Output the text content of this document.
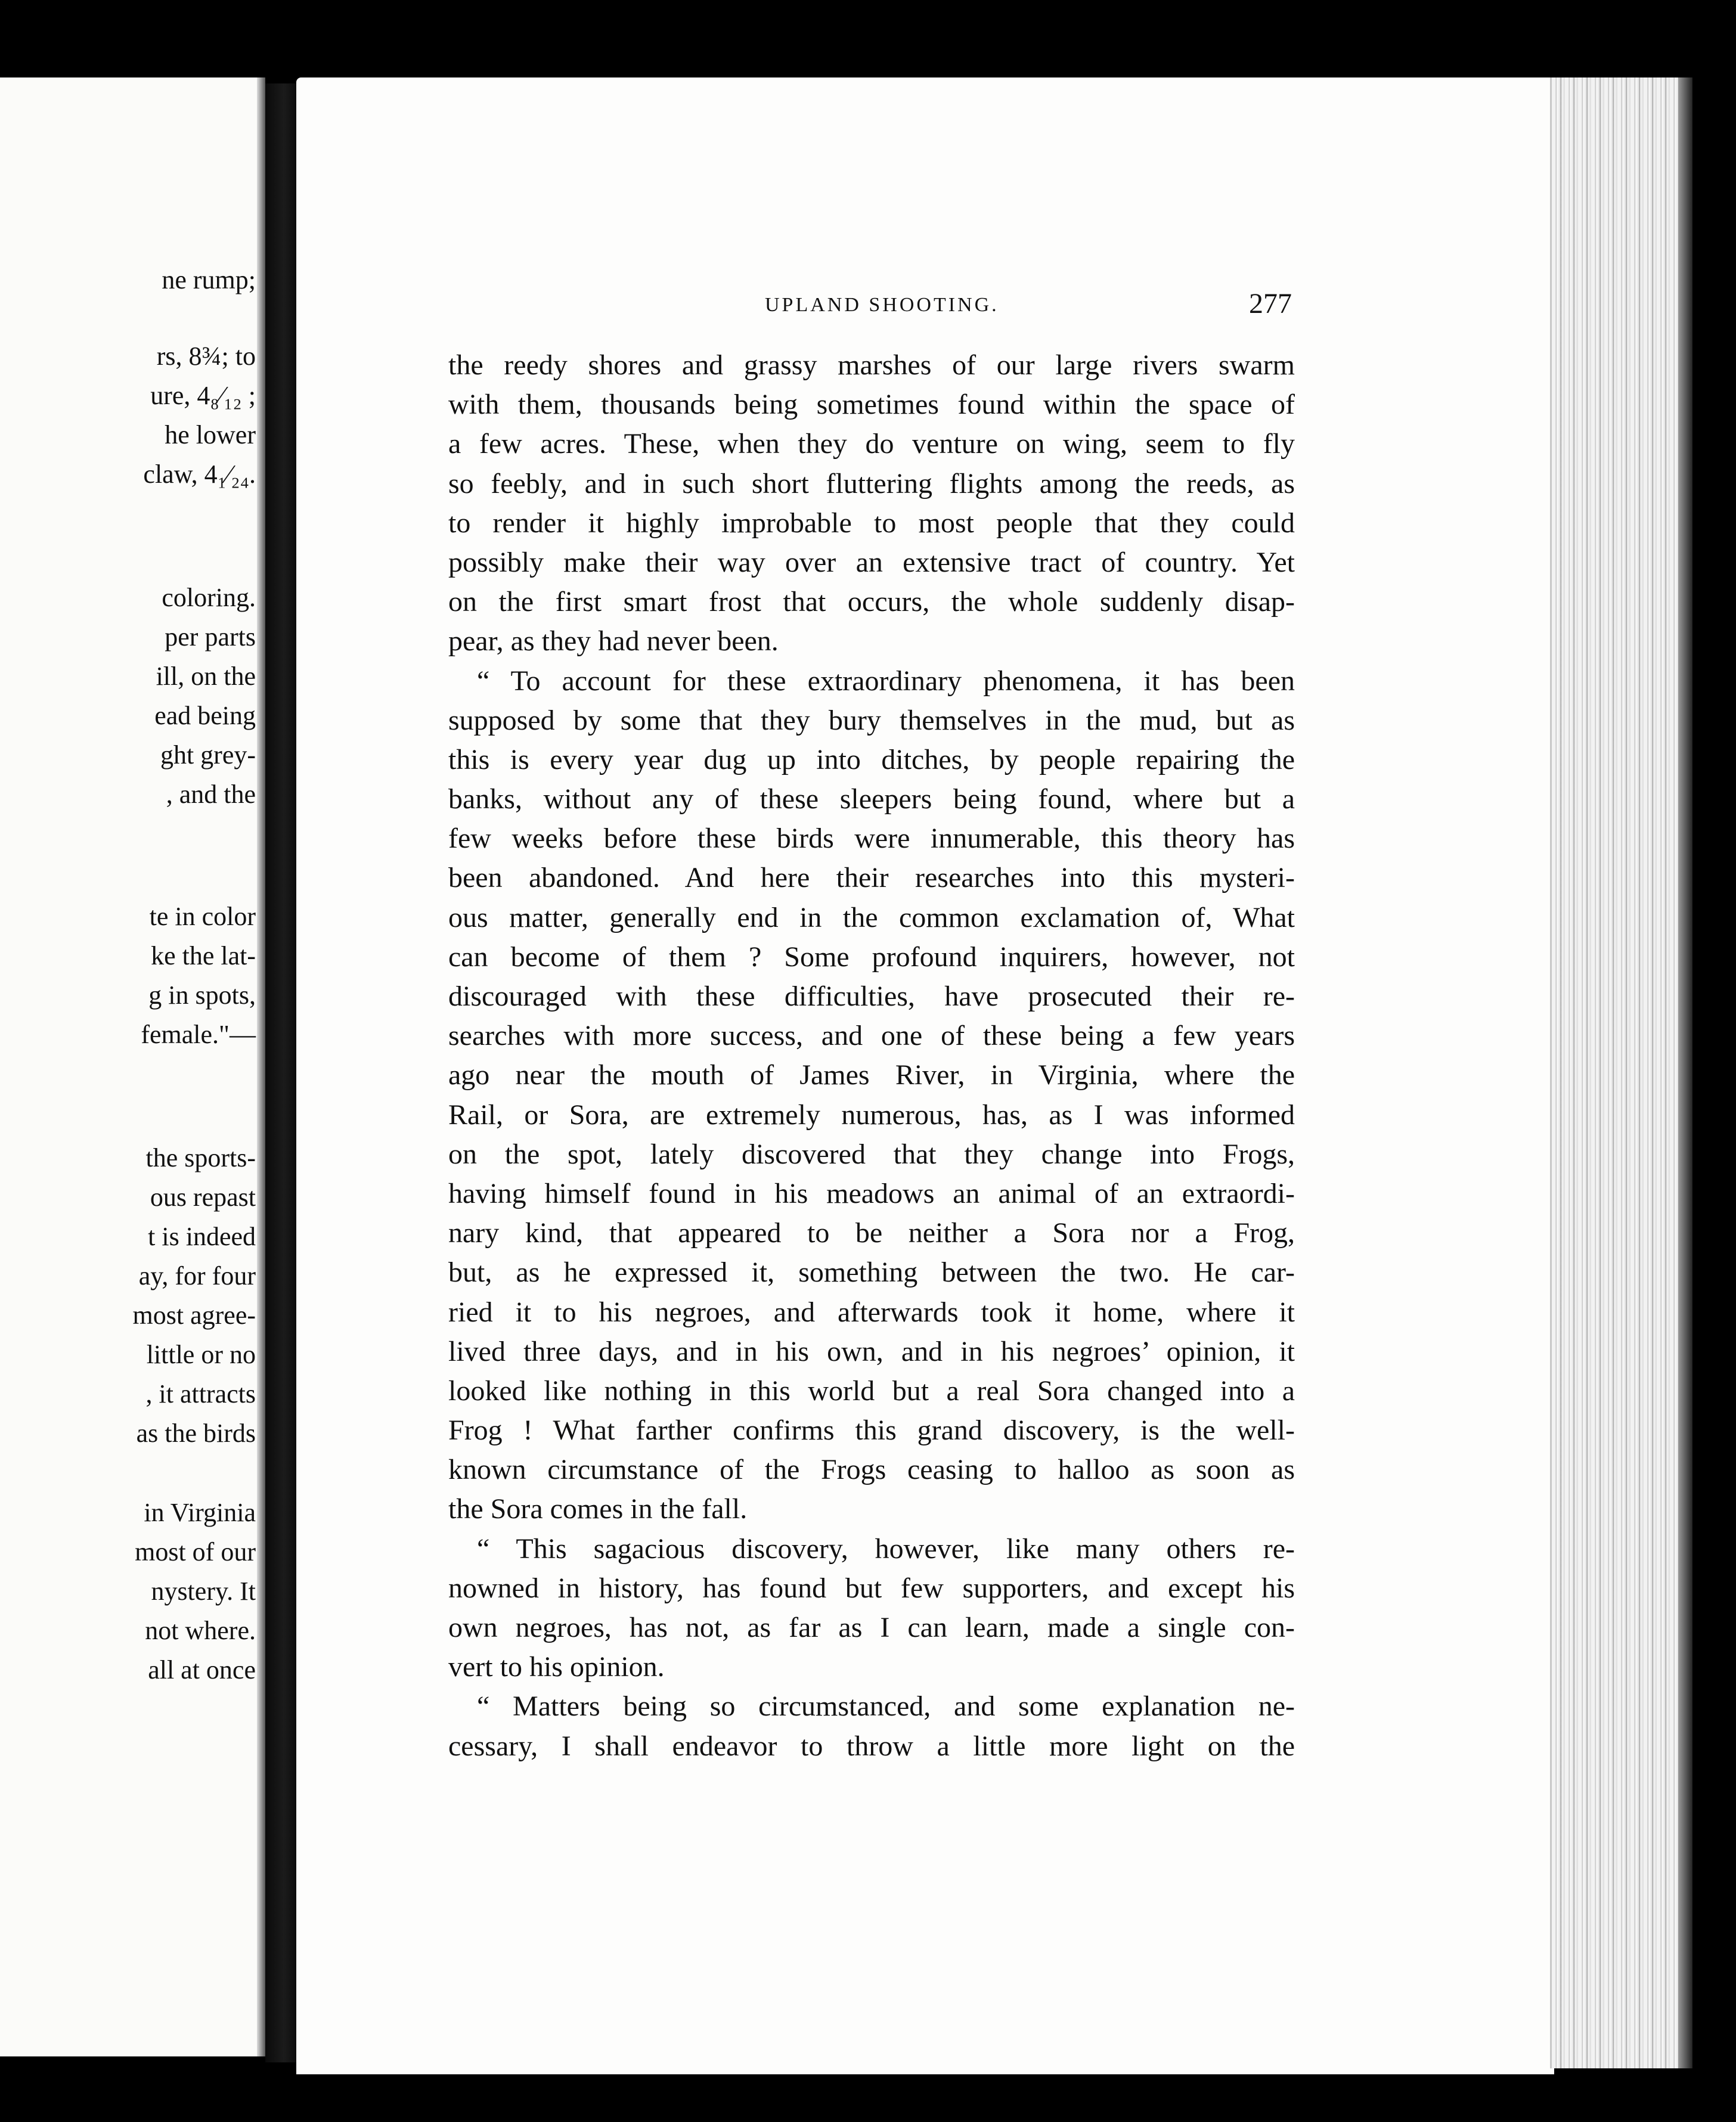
ne rump;
rs, 8¾; to
ure, 4₈⁄₁₂ ;
he lower
claw, 4₁⁄₂₄.
coloring.
per parts
ill, on the
ead being
ght grey-
, and the
te in color
ke the lat-
g in spots,
female."—
the sports-
ous repast
t is indeed
ay, for four
most agree-
little or no
, it attracts
as the birds
in Virginia
most of our
nystery. It
not where.
all at once
UPLAND SHOOTING.	277
the reedy shores and grassy marshes of our large rivers swarm
with them, thousands being sometimes found within the space of
a few acres. These, when they do venture on wing, seem to fly
so feebly, and in such short fluttering flights among the reeds, as
to render it highly improbable to most people that they could
possibly make their way over an extensive tract of country. Yet
on the first smart frost that occurs, the whole suddenly disap-
pear, as they had never been.
“ To account for these extraordinary phenomena, it has been
supposed by some that they bury themselves in the mud, but as
this is every year dug up into ditches, by people repairing the
banks, without any of these sleepers being found, where but a
few weeks before these birds were innumerable, this theory has
been abandoned. And here their researches into this mysteri-
ous matter, generally end in the common exclamation of, What
can become of them ? Some profound inquirers, however, not
discouraged with these difficulties, have prosecuted their re-
searches with more success, and one of these being a few years
ago near the mouth of James River, in Virginia, where the
Rail, or Sora, are extremely numerous, has, as I was informed
on the spot, lately discovered that they change into Frogs,
having himself found in his meadows an animal of an extraordi-
nary kind, that appeared to be neither a Sora nor a Frog,
but, as he expressed it, something between the two. He car-
ried it to his negroes, and afterwards took it home, where it
lived three days, and in his own, and in his negroes’ opinion, it
looked like nothing in this world but a real Sora changed into a
Frog ! What farther confirms this grand discovery, is the well-
known circumstance of the Frogs ceasing to halloo as soon as
the Sora comes in the fall.
“ This sagacious discovery, however, like many others re-
nowned in history, has found but few supporters, and except his
own negroes, has not, as far as I can learn, made a single con-
vert to his opinion.
“ Matters being so circumstanced, and some explanation ne-
cessary, I shall endeavor to throw a little more light on the
